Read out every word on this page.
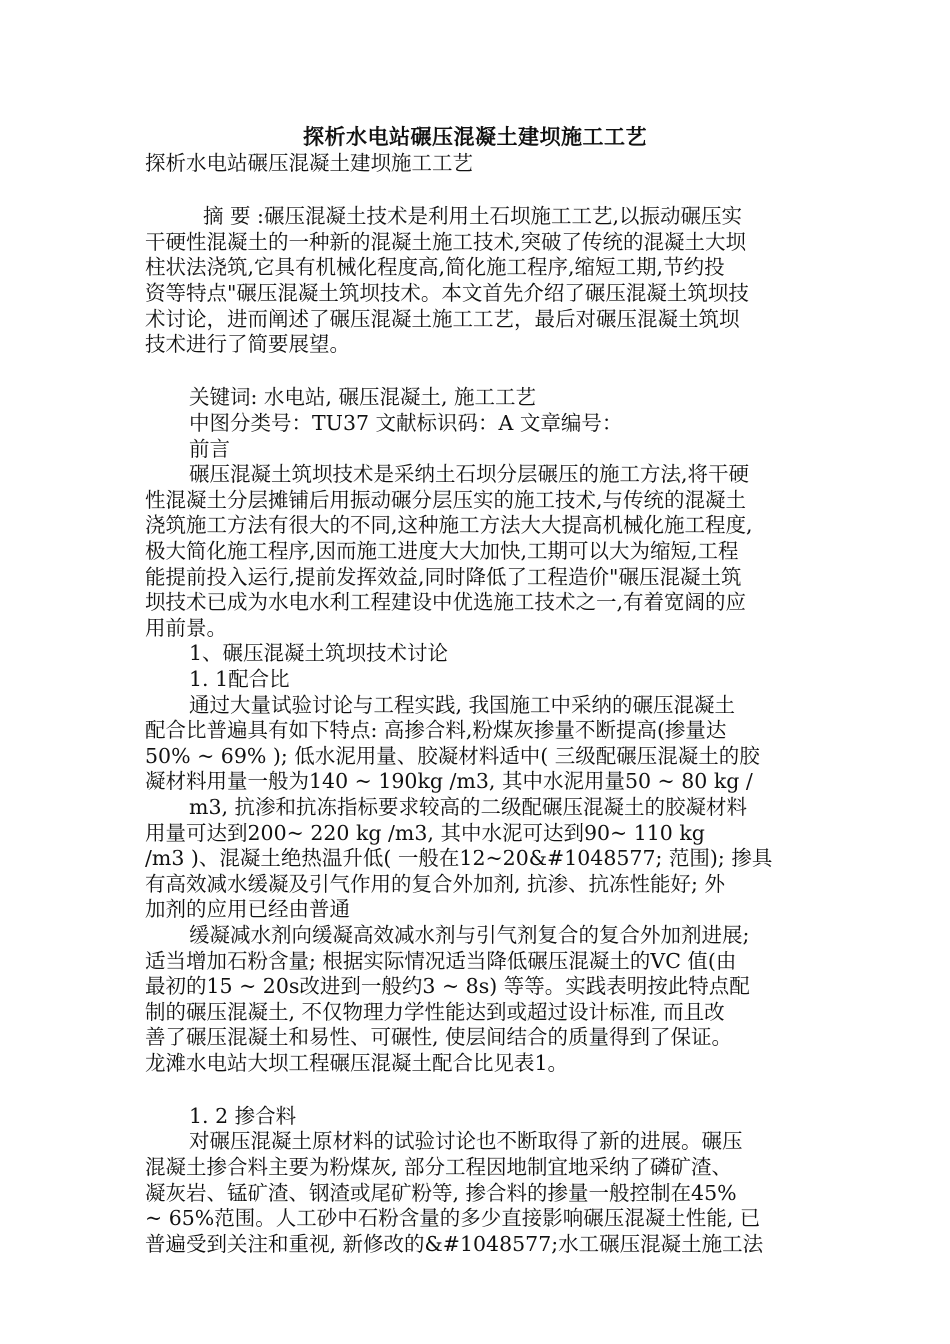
探析水电站碾压混凝土建坝施工工艺
探析水电站碾压混凝土建坝施工工艺
摘 要 :碾压混凝土技术是利用土石坝施工工艺,以振动碾压实
干硬性混凝土的一种新的混凝土施工技术,突破了传统的混凝土大坝
柱状法浇筑,它具有机械化程度高,简化施工程序,缩短工期,节约投
资等特点"碾压混凝土筑坝技术。本文首先介绍了碾压混凝土筑坝技
术讨论，进而阐述了碾压混凝土施工工艺，最后对碾压混凝土筑坝
技术进行了简要展望。
关键词: 水电站, 碾压混凝土, 施工工艺
中图分类号：TU37 文献标识码：A 文章编号：
前言
碾压混凝土筑坝技术是采纳土石坝分层碾压的施工方法,将干硬
性混凝土分层摊铺后用振动碾分层压实的施工技术,与传统的混凝土
浇筑施工方法有很大的不同,这种施工方法大大提高机械化施工程度,
极大简化施工程序,因而施工进度大大加快,工期可以大为缩短,工程
能提前投入运行,提前发挥效益,同时降低了工程造价"碾压混凝土筑
坝技术已成为水电水利工程建设中优选施工技术之一,有着宽阔的应
用前景。
1、碾压混凝土筑坝技术讨论
1. 1配合比
通过大量试验讨论与工程实践, 我国施工中采纳的碾压混凝土
配合比普遍具有如下特点: 高掺合料,粉煤灰掺量不断提高(掺量达
50% ~ 69% ); 低水泥用量、胶凝材料适中( 三级配碾压混凝土的胶
凝材料用量一般为140 ~ 190kg /m3, 其中水泥用量50 ~ 80 kg /
m3, 抗渗和抗冻指标要求较高的二级配碾压混凝土的胶凝材料
用量可达到200~ 220 kg /m3, 其中水泥可达到90~ 110 kg
/m3 )、混凝土绝热温升低( 一般在12~20&#1048577; 范围); 掺具
有高效减水缓凝及引气作用的复合外加剂, 抗渗、抗冻性能好; 外
加剂的应用已经由普通
缓凝减水剂向缓凝高效减水剂与引气剂复合的复合外加剂进展;
适当增加石粉含量; 根据实际情况适当降低碾压混凝土的VC 值(由
最初的15 ~ 20s改进到一般约3 ~ 8s) 等等。实践表明按此特点配
制的碾压混凝土, 不仅物理力学性能达到或超过设计标准, 而且改
善了碾压混凝土和易性、可碾性, 使层间结合的质量得到了保证。
龙滩水电站大坝工程碾压混凝土配合比见表1。
1. 2 掺合料
对碾压混凝土原材料的试验讨论也不断取得了新的进展。碾压
混凝土掺合料主要为粉煤灰, 部分工程因地制宜地采纳了磷矿渣、
凝灰岩、锰矿渣、钢渣或尾矿粉等, 掺合料的掺量一般控制在45%
~ 65%范围。人工砂中石粉含量的多少直接影响碾压混凝土性能, 已
普遍受到关注和重视, 新修改的&#1048577;水工碾压混凝土施工法
